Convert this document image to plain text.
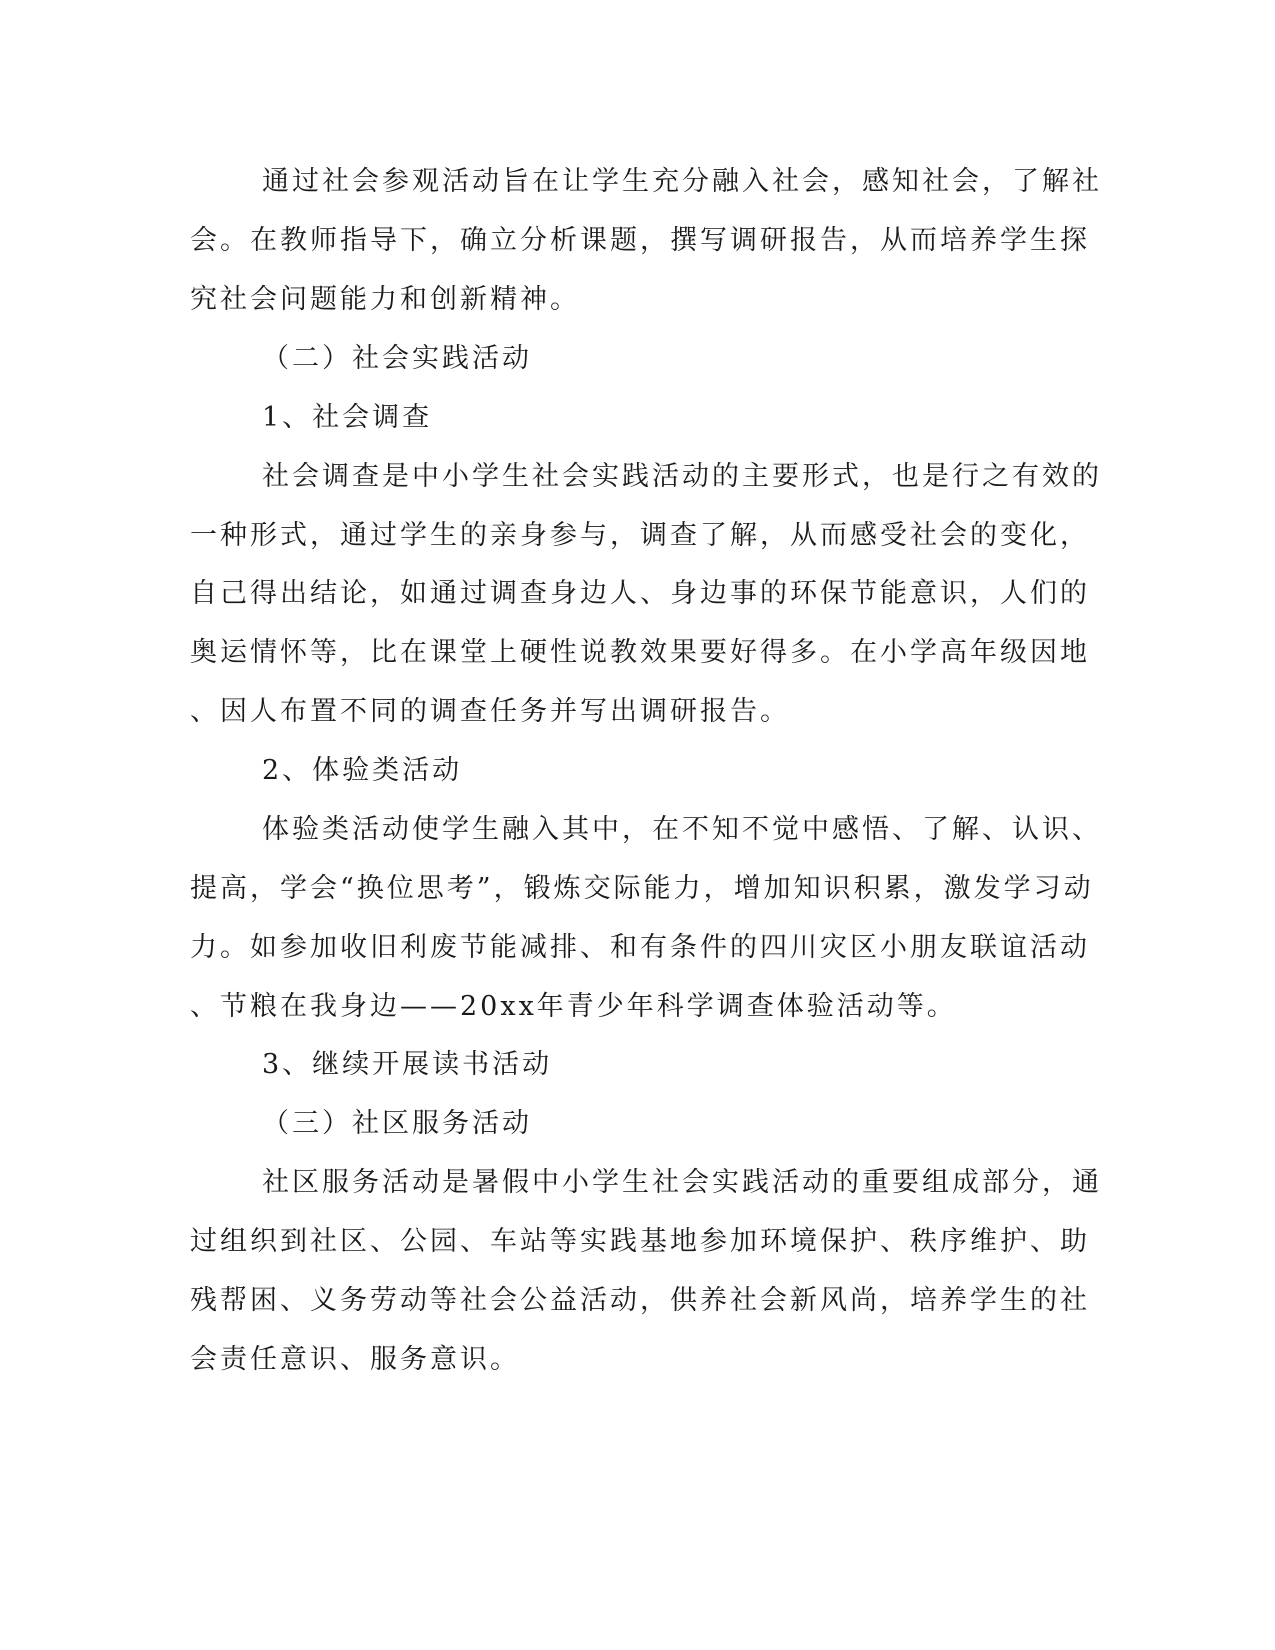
通过社会参观活动旨在让学生充分融入社会，感知社会，了解社

会。在教师指导下，确立分析课题，撰写调研报告，从而培养学生探

究社会问题能力和创新精神。

（二）社会实践活动

1、社会调查

社会调查是中小学生社会实践活动的主要形式，也是行之有效的

一种形式，通过学生的亲身参与，调查了解，从而感受社会的变化，

自己得出结论，如通过调查身边人、身边事的环保节能意识，人们的

奥运情怀等，比在课堂上硬性说教效果要好得多。在小学高年级因地

、因人布置不同的调查任务并写出调研报告。

2、体验类活动

体验类活动使学生融入其中，在不知不觉中感悟、了解、认识、

提高，学会“换位思考”，锻炼交际能力，增加知识积累，激发学习动

力。如参加收旧利废节能减排、和有条件的四川灾区小朋友联谊活动

、节粮在我身边——20xx年青少年科学调查体验活动等。

3、继续开展读书活动

（三）社区服务活动

社区服务活动是暑假中小学生社会实践活动的重要组成部分，通

过组织到社区、公园、车站等实践基地参加环境保护、秩序维护、助

残帮困、义务劳动等社会公益活动，供养社会新风尚，培养学生的社

会责任意识、服务意识。
